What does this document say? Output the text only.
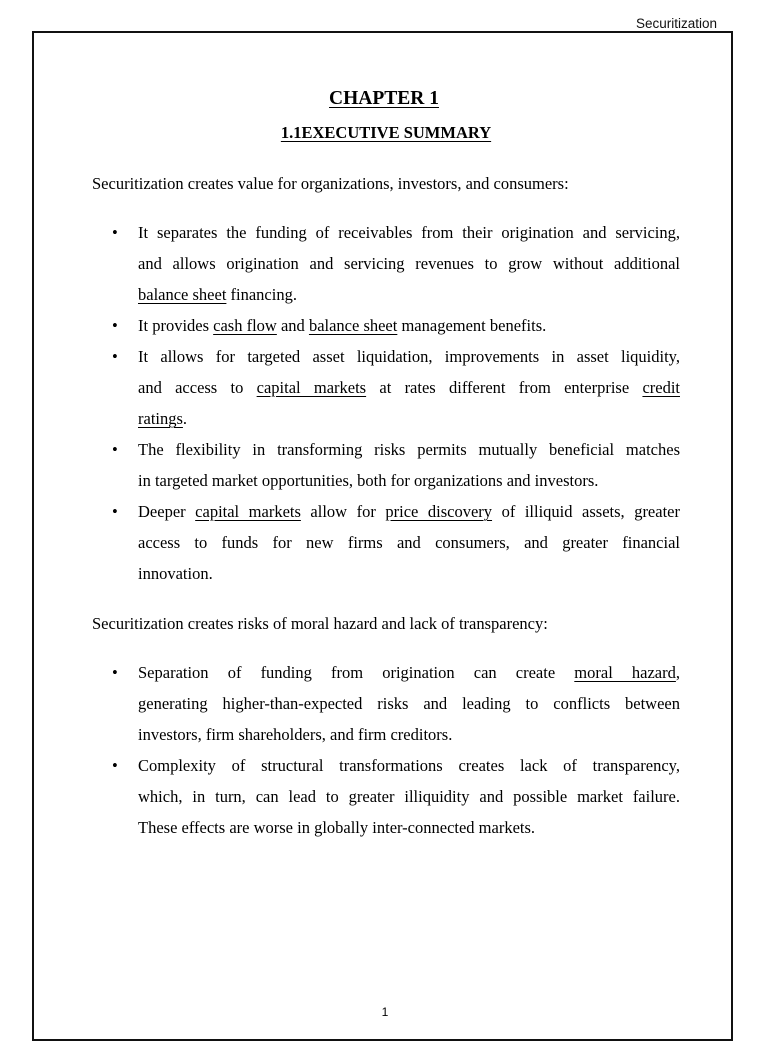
Securitization
CHAPTER 1
1.1EXECUTIVE SUMMARY
Securitization creates value for organizations, investors, and consumers:
•	It separates the funding of receivables from their origination and servicing,
and allows origination and servicing revenues to grow without additional
balance sheet financing.
•	It provides cash flow and balance sheet management benefits.
•	It allows for targeted asset liquidation, improvements in asset liquidity,
and access to capital markets at rates different from enterprise credit
ratings.
•	The flexibility in transforming risks permits mutually beneficial matches
in targeted market opportunities, both for organizations and investors.
•	Deeper capital markets allow for price discovery of illiquid assets, greater
access to funds for new firms and consumers, and greater financial
innovation.
Securitization creates risks of moral hazard and lack of transparency:
•	Separation of funding from origination can create moral hazard,
generating higher-than-expected risks and leading to conflicts between
investors, firm shareholders, and firm creditors.
•	Complexity of structural transformations creates lack of transparency,
which, in turn, can lead to greater illiquidity and possible market failure.
These effects are worse in globally inter-connected markets.
1
